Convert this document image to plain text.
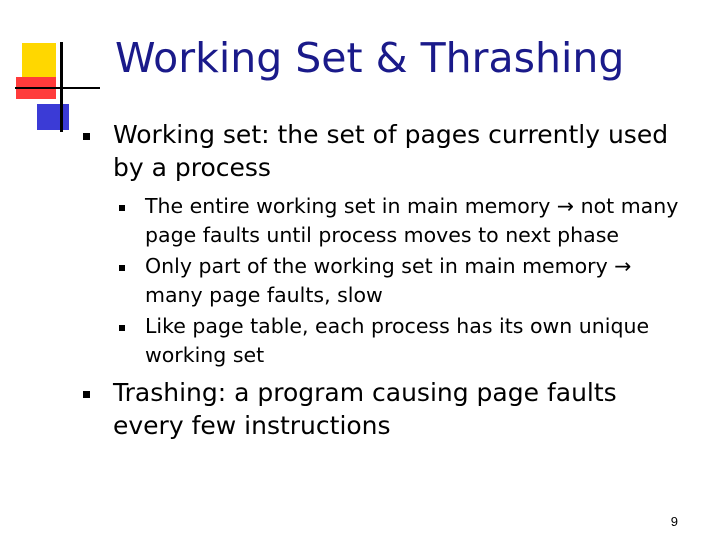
Working Set & Thrashing
Working set: the set of pages currently used by a process
The entire working set in main memory → not many page faults until process moves to next phase
Only part of the working set in main memory → many page faults, slow
Like page table, each process has its own unique working set
Trashing: a program causing page faults every few instructions
9
